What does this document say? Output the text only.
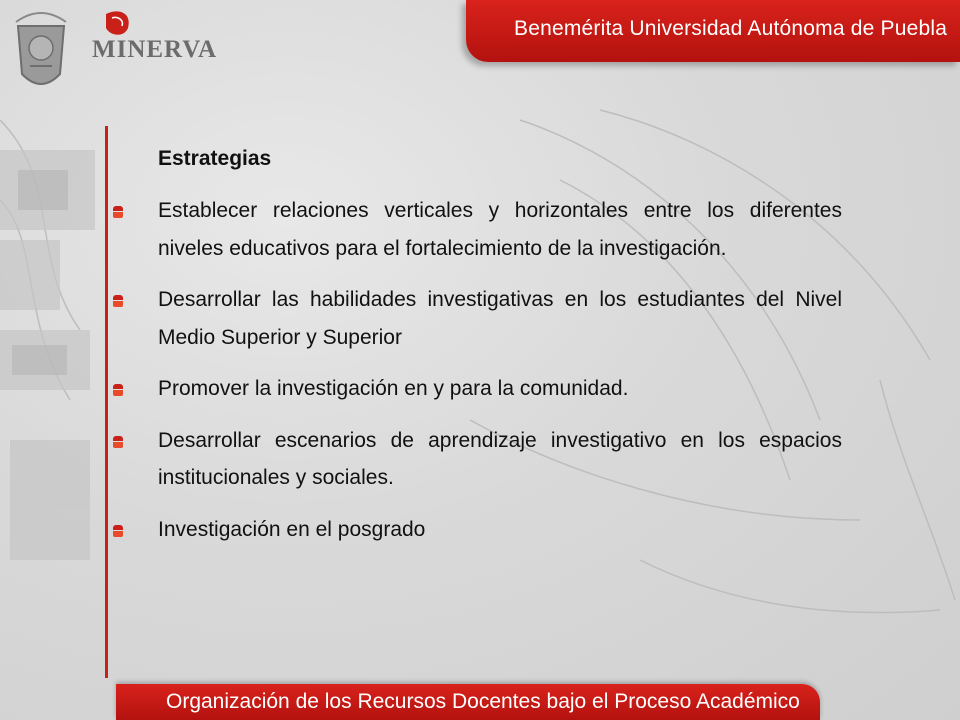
Benemérita Universidad Autónoma de Puebla
MINERVA
Estrategias
Establecer relaciones verticales y horizontales entre los diferentes niveles educativos para el fortalecimiento de la investigación.
Desarrollar las habilidades investigativas en los estudiantes del Nivel Medio Superior y Superior
Promover la investigación en y para la comunidad.
Desarrollar escenarios de aprendizaje investigativo en los espacios institucionales y sociales.
Investigación en el posgrado
Organización de los Recursos Docentes bajo el Proceso Académico
